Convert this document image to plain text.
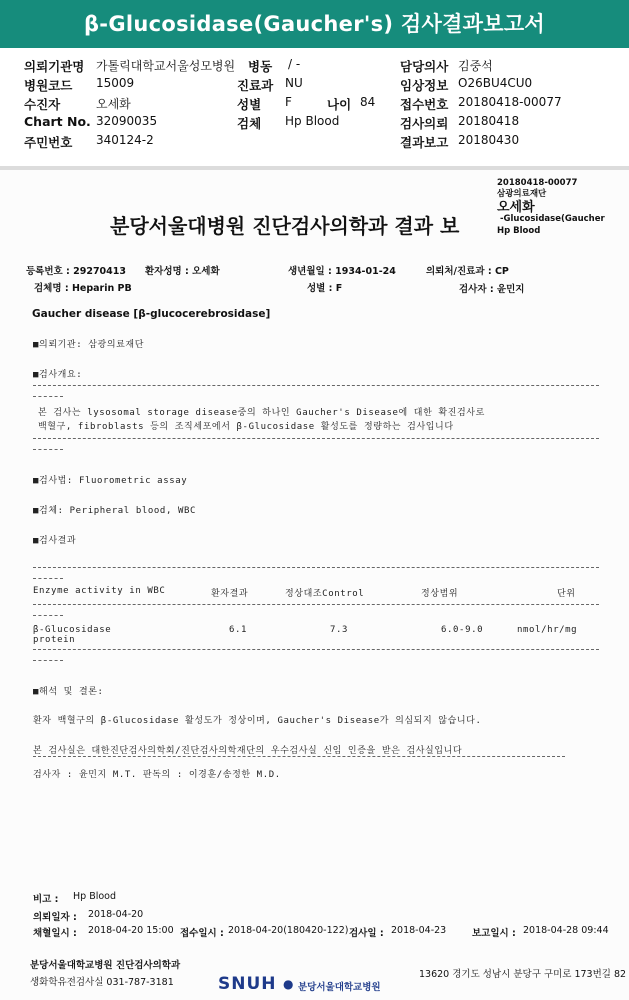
β-Glucosidase(Gaucher's) 검사결과보고서
의뢰기관명 가톨릭대학교서울성모병원 병동 / -	담당의사 김중석
병원코드 15009	진료과 NU	임상정보 O26BU4CU0
수진자	오세화	성별 F	나이 84 접수번호 20180418-00077
Chart No. 32090035	검체 Hp Blood	검사의뢰 20180418
주민번호 340124-2	결과보고 20180430
20180418-00077
삼광의료재단
오세화
-Glucosidase(Gaucher
Hp Blood
분당서울대병원 진단검사의학과 결과 보
등록번호 : 29270413 환자성명 : 오세화	생년월일 : 1934-01-24	의뢰처/진료과 : CP
검체명 : Heparin PB	성별 : F	검사자 : 윤민지
Gaucher disease [β-glucocerebrosidase]
■의뢰기관: 삼광의료재단
■검사개요:
본 검사는 lysosomal storage disease중의 하나인 Gaucher's Disease에 대한 확진검사로
백혈구, fibroblasts 등의 조직세포에서 β-Glucosidase 활성도를 정량하는 검사입니다
■검사법: Fluorometric assay
■검체: Peripheral blood, WBC
■검사결과
Enzyme activity in WBC	환자결과	정상대조Control	정상범위	단위
β-Glucosidase
protein
6.1	7.3	6.0-9.0	nmol/hr/mg
■해석 및 결론:
환자 백혈구의 β-Glucosidase 활성도가 정상이며, Gaucher's Disease가 의심되지 않습니다.
본 검사실은 대한진단검사의학회/진단검사의학재단의 우수검사실 신임 인증을 받은 검사실입니다
검사자 : 윤민지 M.T. 판독의 : 이경훈/송정한 M.D.
비고 : Hp Blood
의뢰일자 : 2018-04-20
채혈일시 : 2018-04-20 15:00 접수일시 : 2018-04-20(180420-122) 검사일 : 2018-04-23	보고일시 : 2018-04-28 09:44
분당서울대학교병원 진단검사의학과
생화학유전검사실 031-787-3181	SNUH ● 분당서울대학교병원
13620 경기도 성남시 분당구 구미로 173번길 82
